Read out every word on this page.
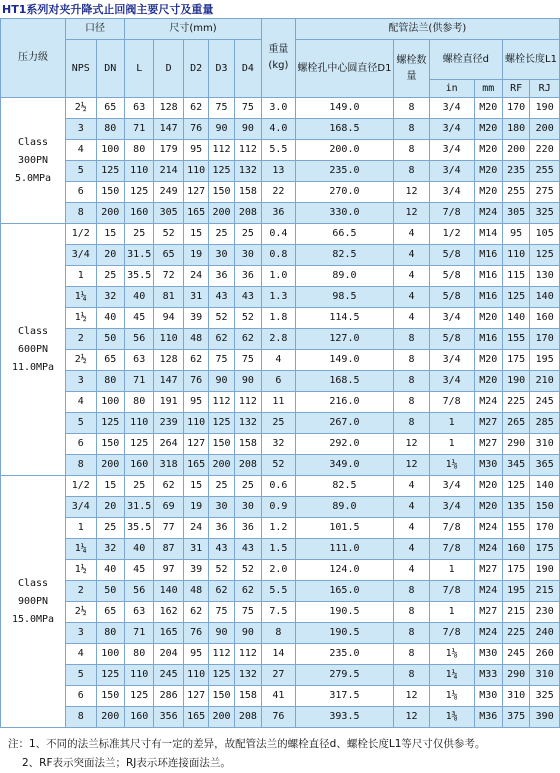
HT1系列对夹升降式止回阀主要尺寸及重量
压力级	口径		尺寸(mm)					重量(kg)	配管法兰(供参考)					
	NPS	DN	L	D	D2	D3	D4		螺栓孔中心圆直径D1	螺栓数量	螺栓直径d		螺栓长度L1	
											in	mm	RF	RJ

Class
300PN
5.0MPa	2½	65	63	128	62	75	75	3.0	149.0	8	3/4	M20	170	190
	3	80	71	147	76	90	90	4.0	168.5	8	3/4	M20	180	200
	4	100	80	179	95	112	112	5.5	200.0	8	3/4	M20	200	220
	5	125	110	214	110	125	132	13	235.0	8	3/4	M20	235	255
	6	150	125	249	127	150	158	22	270.0	12	3/4	M20	255	275
	8	200	160	305	165	200	208	36	330.0	12	7/8	M24	305	325

Class
600PN
11.0MPa	1/2	15	25	52	15	25	25	0.4	66.5	4	1/2	M14	95	105
	3/4	20	31.5	65	19	30	30	0.8	82.5	4	5/8	M16	110	125
	1	25	35.5	72	24	36	36	1.0	89.0	4	5/8	M16	115	130
	1¼	32	40	81	31	43	43	1.3	98.5	4	5/8	M16	125	140
	1½	40	45	94	39	52	52	1.8	114.5	4	3/4	M20	140	160
	2	50	56	110	48	62	62	2.8	127.0	8	5/8	M16	155	170
	2½	65	63	128	62	75	75	4	149.0	8	3/4	M20	175	195
	3	80	71	147	76	90	90	6	168.5	8	3/4	M20	190	210
	4	100	80	191	95	112	112	11	216.0	8	7/8	M24	225	245
	5	125	110	239	110	125	132	25	267.0	8	1	M27	265	285
	6	150	125	264	127	150	158	32	292.0	12	1	M27	290	310
	8	200	160	318	165	200	208	52	349.0	12	1⅛	M30	345	365

Class
900PN
15.0MPa	1/2	15	25	62	15	25	25	0.6	82.5	4	3/4	M20	125	140
	3/4	20	31.5	69	19	30	30	0.9	89.0	4	3/4	M20	135	150
	1	25	35.5	77	24	36	36	1.2	101.5	4	7/8	M24	155	170
	1¼	32	40	87	31	43	43	1.5	111.0	4	7/8	M24	160	175
	1½	40	45	97	39	52	52	2.0	124.0	4	1	M27	175	190
	2	50	56	140	48	62	62	5.5	165.0	8	7/8	M24	195	215
	2½	65	63	162	62	75	75	7.5	190.5	8	1	M27	215	230
	3	80	71	165	76	90	90	8	190.5	8	7/8	M24	225	240
	4	100	80	204	95	112	112	14	235.0	8	1⅛	M30	245	260
	5	125	110	245	110	125	132	27	279.5	8	1¼	M33	290	310
	6	150	125	286	127	150	158	41	317.5	12	1⅛	M30	310	325
	8	200	160	356	165	200	208	76	393.5	12	1⅜	M36	375	390
注：1、不同的法兰标准其尺寸有一定的差异，故配管法兰的螺栓直径d、螺栓长度L1等尺寸仅供参考。
2、RF表示突面法兰；RJ表示环连接面法兰。
